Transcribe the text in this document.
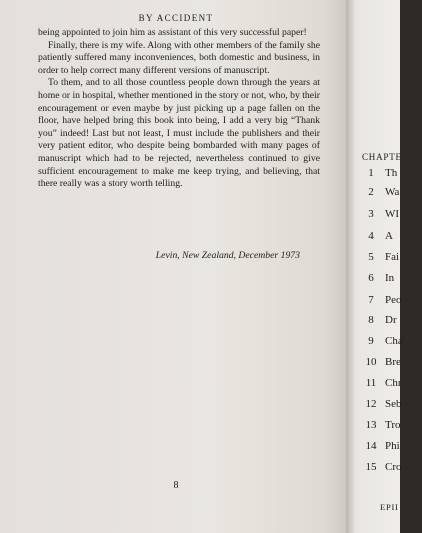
BY ACCIDENT

being appointed to join him as assistant of this very successful paper!

Finally, there is my wife. Along with other members of the family she patiently suffered many inconveniences, both domestic and business, in order to help correct many different versions of manuscript.

To them, and to all those countless people down through the years at home or in hospital, whether mentioned in the story or not, who, by their encouragement or even maybe by just picking up a page fallen on the floor, have helped bring this book into being, I add a very big “Thank you” indeed! Last but not least, I must include the publishers and their very patient editor, who despite being bombarded with many pages of manuscript which had to be rejected, nevertheless continued to give sufficient encouragement to make me keep trying, and believing, that there really was a story worth telling.

Levin, New Zealand, December 1973
8
CHAPTE
1 Th
2 Wa
3 WI
4 A
5 Fai
6 In
7 Peo
8 Dr
9 Cha
10 Bre
11 Chr
12 Seb
13 Tro
14 Phi
15 Cro
EPII
